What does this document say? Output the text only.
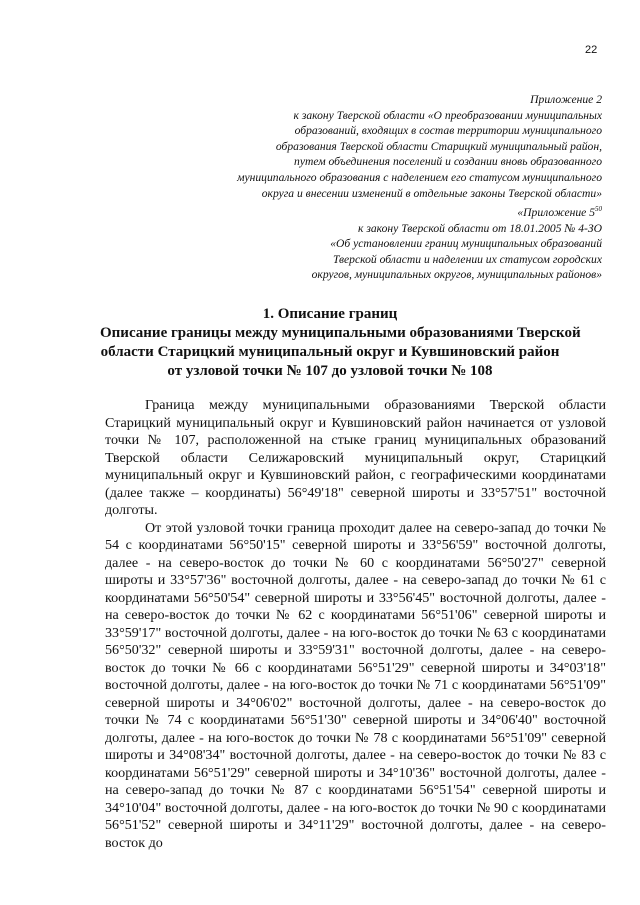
22
Приложение 2
к закону Тверской области «О преобразовании муниципальных
образований, входящих в состав территории муниципального
образования Тверской области Старицкий муниципальный район,
путем объединения поселений и создании вновь образованного
муниципального образования с наделением его статусом муниципального
округа и внесении изменений в отдельные законы Тверской области»
«Приложение $5^{50}$
к закону Тверской области от 18.01.2005 № 4-ЗО
«Об установлении границ муниципальных образований
Тверской области и наделении их статусом городских
округов, муниципальных округов, муниципальных районов»
1. Описание границ
Описание границы между муниципальными образованиями Тверской
области Старицкий муниципальный округ и Кувшиновский район
от узловой точки № 107 до узловой точки № 108

Граница между муниципальными образованиями Тверской области Старицкий муниципальный округ и Кувшиновский район начинается от узловой точки № 107, расположенной на стыке границ муниципальных образований Тверской области Селижаровский муниципальный округ, Старицкий муниципальный округ и Кувшиновский район, с географическими координатами (далее также – координаты) 56°49'18" северной широты и 33°57'51" восточной долготы.

От этой узловой точки граница проходит далее на северо-запад до точки № 54 с координатами 56°50'15" северной широты и 33°56'59" восточной долготы, далее - на северо-восток до точки № 60 с координатами 56°50'27" северной широты и 33°57'36" восточной долготы, далее - на северо-запад до точки № 61 с координатами 56°50'54" северной широты и 33°56'45" восточной долготы, далее - на северо-восток до точки № 62 с координатами 56°51'06" северной широты и 33°59'17" восточной долготы, далее - на юго-восток до точки № 63 с координатами 56°50'32" северной широты и 33°59'31" восточной долготы, далее - на северо-восток до точки № 66 с координатами 56°51'29" северной широты и 34°03'18" восточной долготы, далее - на юго-восток до точки № 71 с координатами 56°51'09" северной широты и 34°06'02" восточной долготы, далее - на северо-восток до точки № 74 с координатами 56°51'30" северной широты и 34°06'40" восточной долготы, далее - на юго-восток до точки № 78 с координатами 56°51'09" северной широты и 34°08'34" восточной долготы, далее - на северо-восток до точки № 83 с координатами 56°51'29" северной широты и 34°10'36" восточной долготы, далее - на северо-запад до точки № 87 с координатами 56°51'54" северной широты и 34°10'04" восточной долготы, далее - на юго-восток до точки № 90 с координатами 56°51'52" северной широты и 34°11'29" восточной долготы, далее - на северо-восток до
